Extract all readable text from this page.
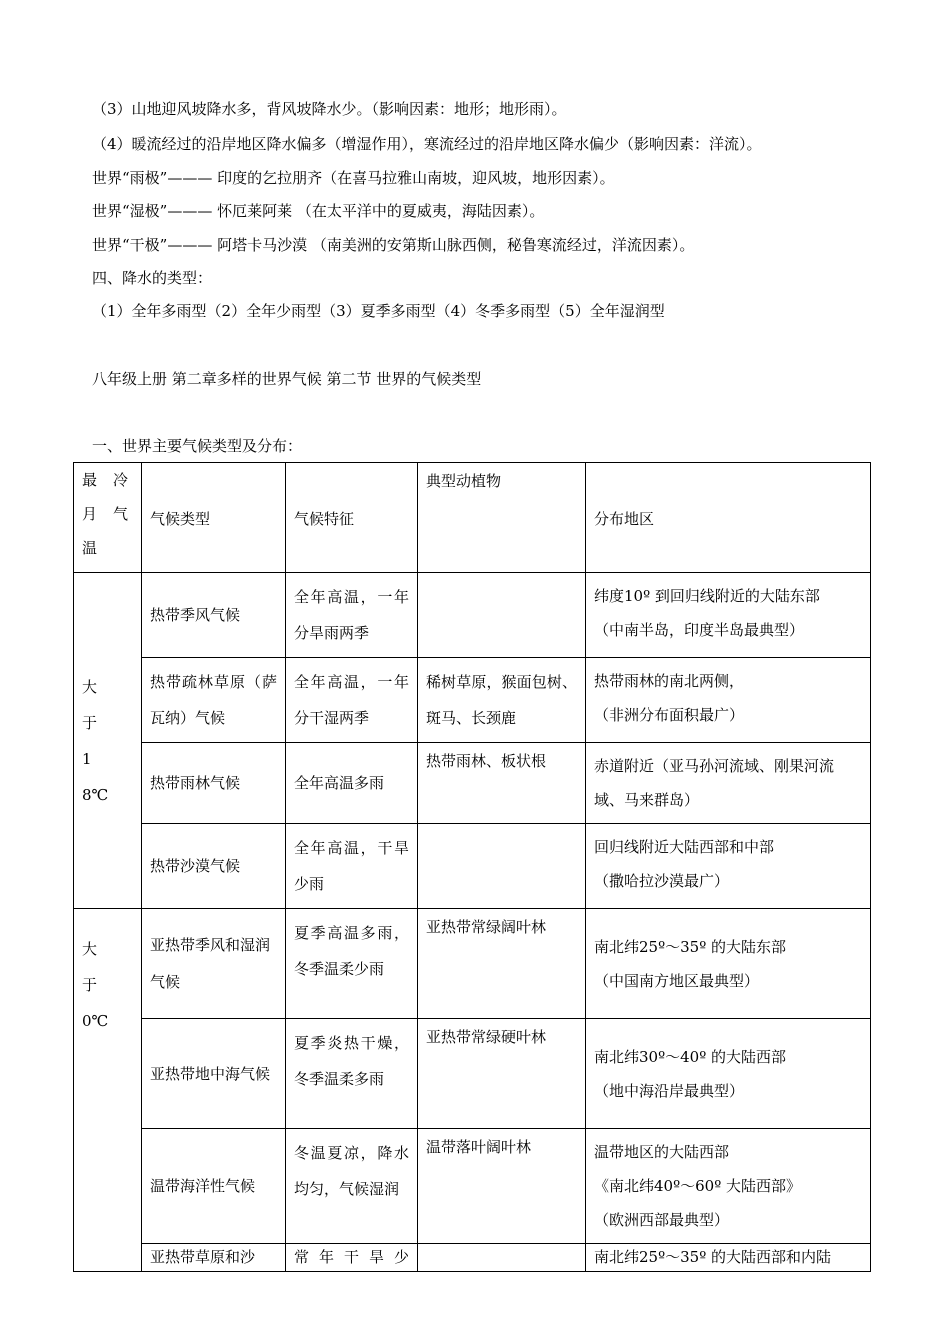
（3）山地迎风坡降水多，背风坡降水少。（影响因素：地形；地形雨）。
（4）暖流经过的沿岸地区降水偏多（增湿作用），寒流经过的沿岸地区降水偏少（影响因素：洋流）。
世界“雨极”——— 印度的乞拉朋齐（在喜马拉雅山南坡，迎风坡，地形因素）。
世界“湿极”——— 怀厄莱阿莱 （在太平洋中的夏威夷，海陆因素）。
世界“干极”——— 阿塔卡马沙漠 （南美洲的安第斯山脉西侧，秘鲁寒流经过，洋流因素）。
四、降水的类型：
（1）全年多雨型（2）全年少雨型（3）夏季多雨型（4）冬季多雨型（5）全年湿润型
八年级上册 第二章多样的世界气候 第二节 世界的气候类型
一、世界主要气候类型及分布：
最冷月气温	气候类型	气候特征	典型动植物	分布地区

大于18℃	热带季风气候	全年高温，一年分旱雨两季		纬度10º 到回归线附近的大陆东部
（中南半岛，印度半岛最典型）

	热带疏林草原（萨瓦纳）气候	全年高温，一年分干湿两季	稀树草原，猴面包树、斑马、长颈鹿	热带雨林的南北两侧，
（非洲分布面积最广）

	热带雨林气候	全年高温多雨	热带雨林、板状根	赤道附近（亚马孙河流域、刚果河流域、马来群岛）

	热带沙漠气候	全年高温，干旱少雨		回归线附近大陆西部和中部
（撒哈拉沙漠最广）

大于0℃	亚热带季风和湿润气候	夏季高温多雨，冬季温柔少雨	亚热带常绿阔叶林	南北纬25º～35º 的大陆东部
（中国南方地区最典型）

	亚热带地中海气候	夏季炎热干燥，冬季温柔多雨	亚热带常绿硬叶林	南北纬30º～40º 的大陆西部
（地中海沿岸最典型）

	温带海洋性气候	冬温夏凉，降水均匀，气候湿润	温带落叶阔叶林	温带地区的大陆西部
《南北纬40º～60º 大陆西部》
（欧洲西部最典型）

	亚热带草原和沙	常年干旱少		南北纬25º～35º 的大陆西部和内陆
